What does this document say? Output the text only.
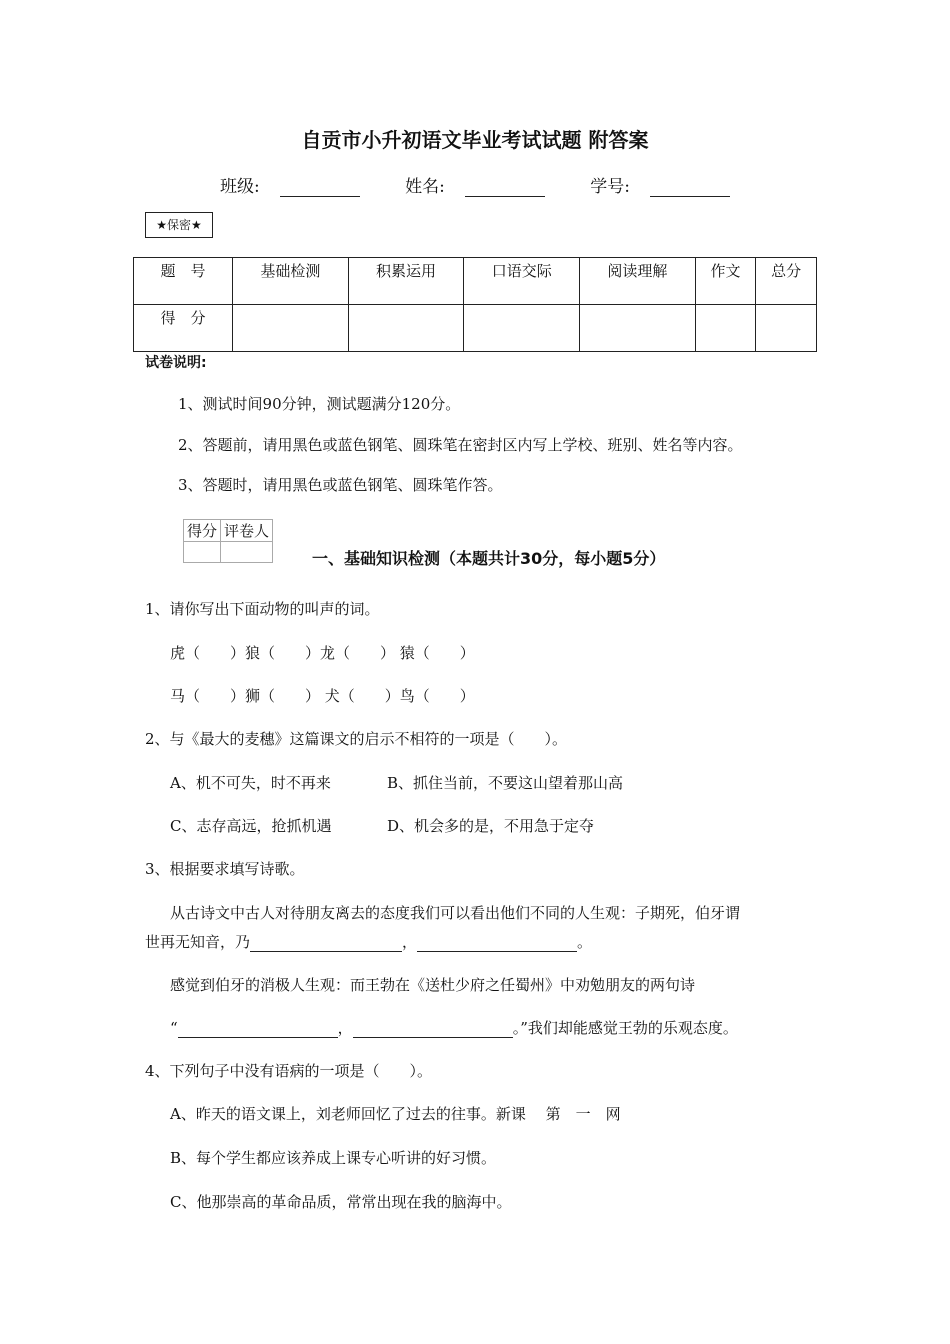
自贡市小升初语文毕业考试试题 附答案
班级:	姓名:	学号:
★保密★
题　号	基础检测	积累运用	口语交际	阅读理解	作文	总分
得　分						
试卷说明:
1、测试时间90分钟，测试题满分120分。
2、答题前，请用黑色或蓝色钢笔、圆珠笔在密封区内写上学校、班别、姓名等内容。
3、答题时，请用黑色或蓝色钢笔、圆珠笔作答。
得分	评卷人

一、基础知识检测（本题共计30分，每小题5分）
1、请你写出下面动物的叫声的词。
虎（　　）狼（　　）龙（　　） 猿（　　）
马（　　）狮（　　） 犬（　　）鸟（　　）
2、与《最大的麦穗》这篇课文的启示不相符的一项是（　　）。
A、机不可失，时不再来	B、抓住当前，不要这山望着那山高
C、志存高远，抢抓机遇	D、机会多的是，不用急于定夺
3、根据要求填写诗歌。
从古诗文中古人对待朋友离去的态度我们可以看出他们不同的人生观：子期死，伯牙谓
世再无知音，乃	，	。
感觉到伯牙的消极人生观：而王勃在《送杜少府之任蜀州》中劝勉朋友的两句诗
“	，	。”我们却能感觉王勃的乐观态度。
4、下列句子中没有语病的一项是（　　）。
A、昨天的语文课上，刘老师回忆了过去的往事。新课　 第　一　网
B、每个学生都应该养成上课专心听讲的好习惯。
C、他那崇高的革命品质，常常出现在我的脑海中。
